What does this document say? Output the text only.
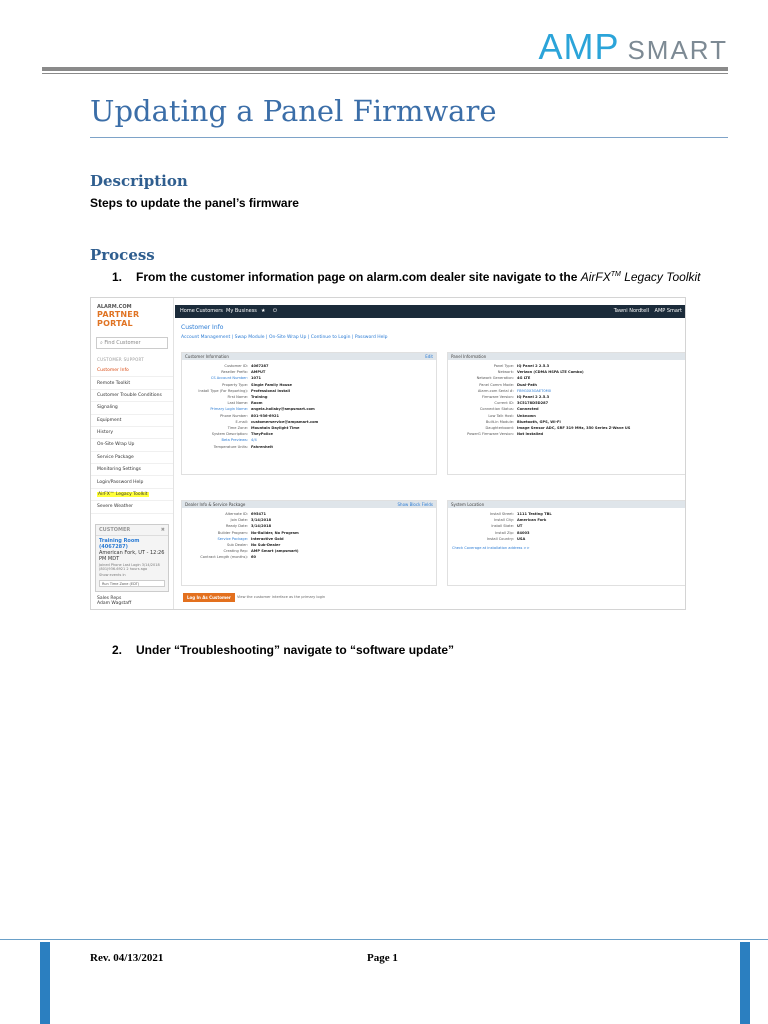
AMP SMART
Updating a Panel Firmware
Description

Steps to update the panel’s firmware

Process
1. From the customer information page on alarm.com dealer site navigate to the AirFX™ Legacy Toolkit
ALARM.COM
PARTNER PORTAL
⌕ Find Customer
CUSTOMER SUPPORT
Customer Info
Remote Toolkit
Customer Trouble Conditions
Signaling
Equipment
History
On-Site Wrap Up
Service Package
Monitoring Settings
Login/Password Help
AirFX™ Legacy Toolkit
Severe Weather
CUSTOMER	✖
Training Room (4067287)
American Fork, UT - 12:26 PM MDT
Joined Phone Last Login 3/14/2018 (801)936-6921 2 hours ago
Show events in
Run Time Zone (EDT)
Sales Reps
Adam Wagstaff
Home Customers My Business ★ ⏻	Tawni Nordtell AMP Smart
Customer Info
Account Management | Swap Module | On-Site Wrap Up | Continue to Login | Password Help
Customer Information	Edit
Customer ID: 4067287
Reseller Prefix: AMPUT
CS Account Number: 1071
Property Type: Single Family House
Install Type (For Reporting): Professional Install
First Name: Training
Last Name: Room
Primary Login Name: angela.hollaby@ampsmart.com
Phone Number: 801-936-6921
E-mail: customerservice@ampsmart.com
Time Zone: Mountain Daylight Time
System Description: TheyPolice
Beta Previews: 4/4
Temperature Units: Fahrenheit
Panel Information
Panel Type: IQ Panel 2 2.5.3
Network: Verizon (CDMA HSPA LTE Combo)
Network Generation: 4G LTE
Panel Comm Mode: Dual-Path
Alarm.com Serial #: FB9G0X3OAET0M0
Firmware Version: IQ Panel 2 2.5.3
Current ID: 3C5178D5D287
Connection Status: Connected
Low Talk Host: Unknown
Built-in Module: Bluetooth, GPS, Wi-Fi
Daughterboard: Image Sensor ADC, SRF 319 MHz, 350 Series Z-Wave US
PowerG Firmware Version: Not Installed
Dealer Info & Service Package	Show Block Fields
Alternate ID: 695471
Join Date: 3/14/2018
Ready Date: 3/14/2018
Builder Program: No-Builder, No Program
Service Package: Interactive Gold
Sub Dealer: No Sub-Dealer
Creating Rep: AMP Smart (ampsmart)
Contract Length (months): 60
System Location
Install Street: 1111 Testing TBL
Install City: American Fork
Install State: UT
Install Zip: 84003
Install Country: USA
Check Coverage at installation address >>
Log In As Customer	View the customer interface as the primary login
2. Under “Troubleshooting” navigate to “software update”
Rev. 04/13/2021	Page 1
